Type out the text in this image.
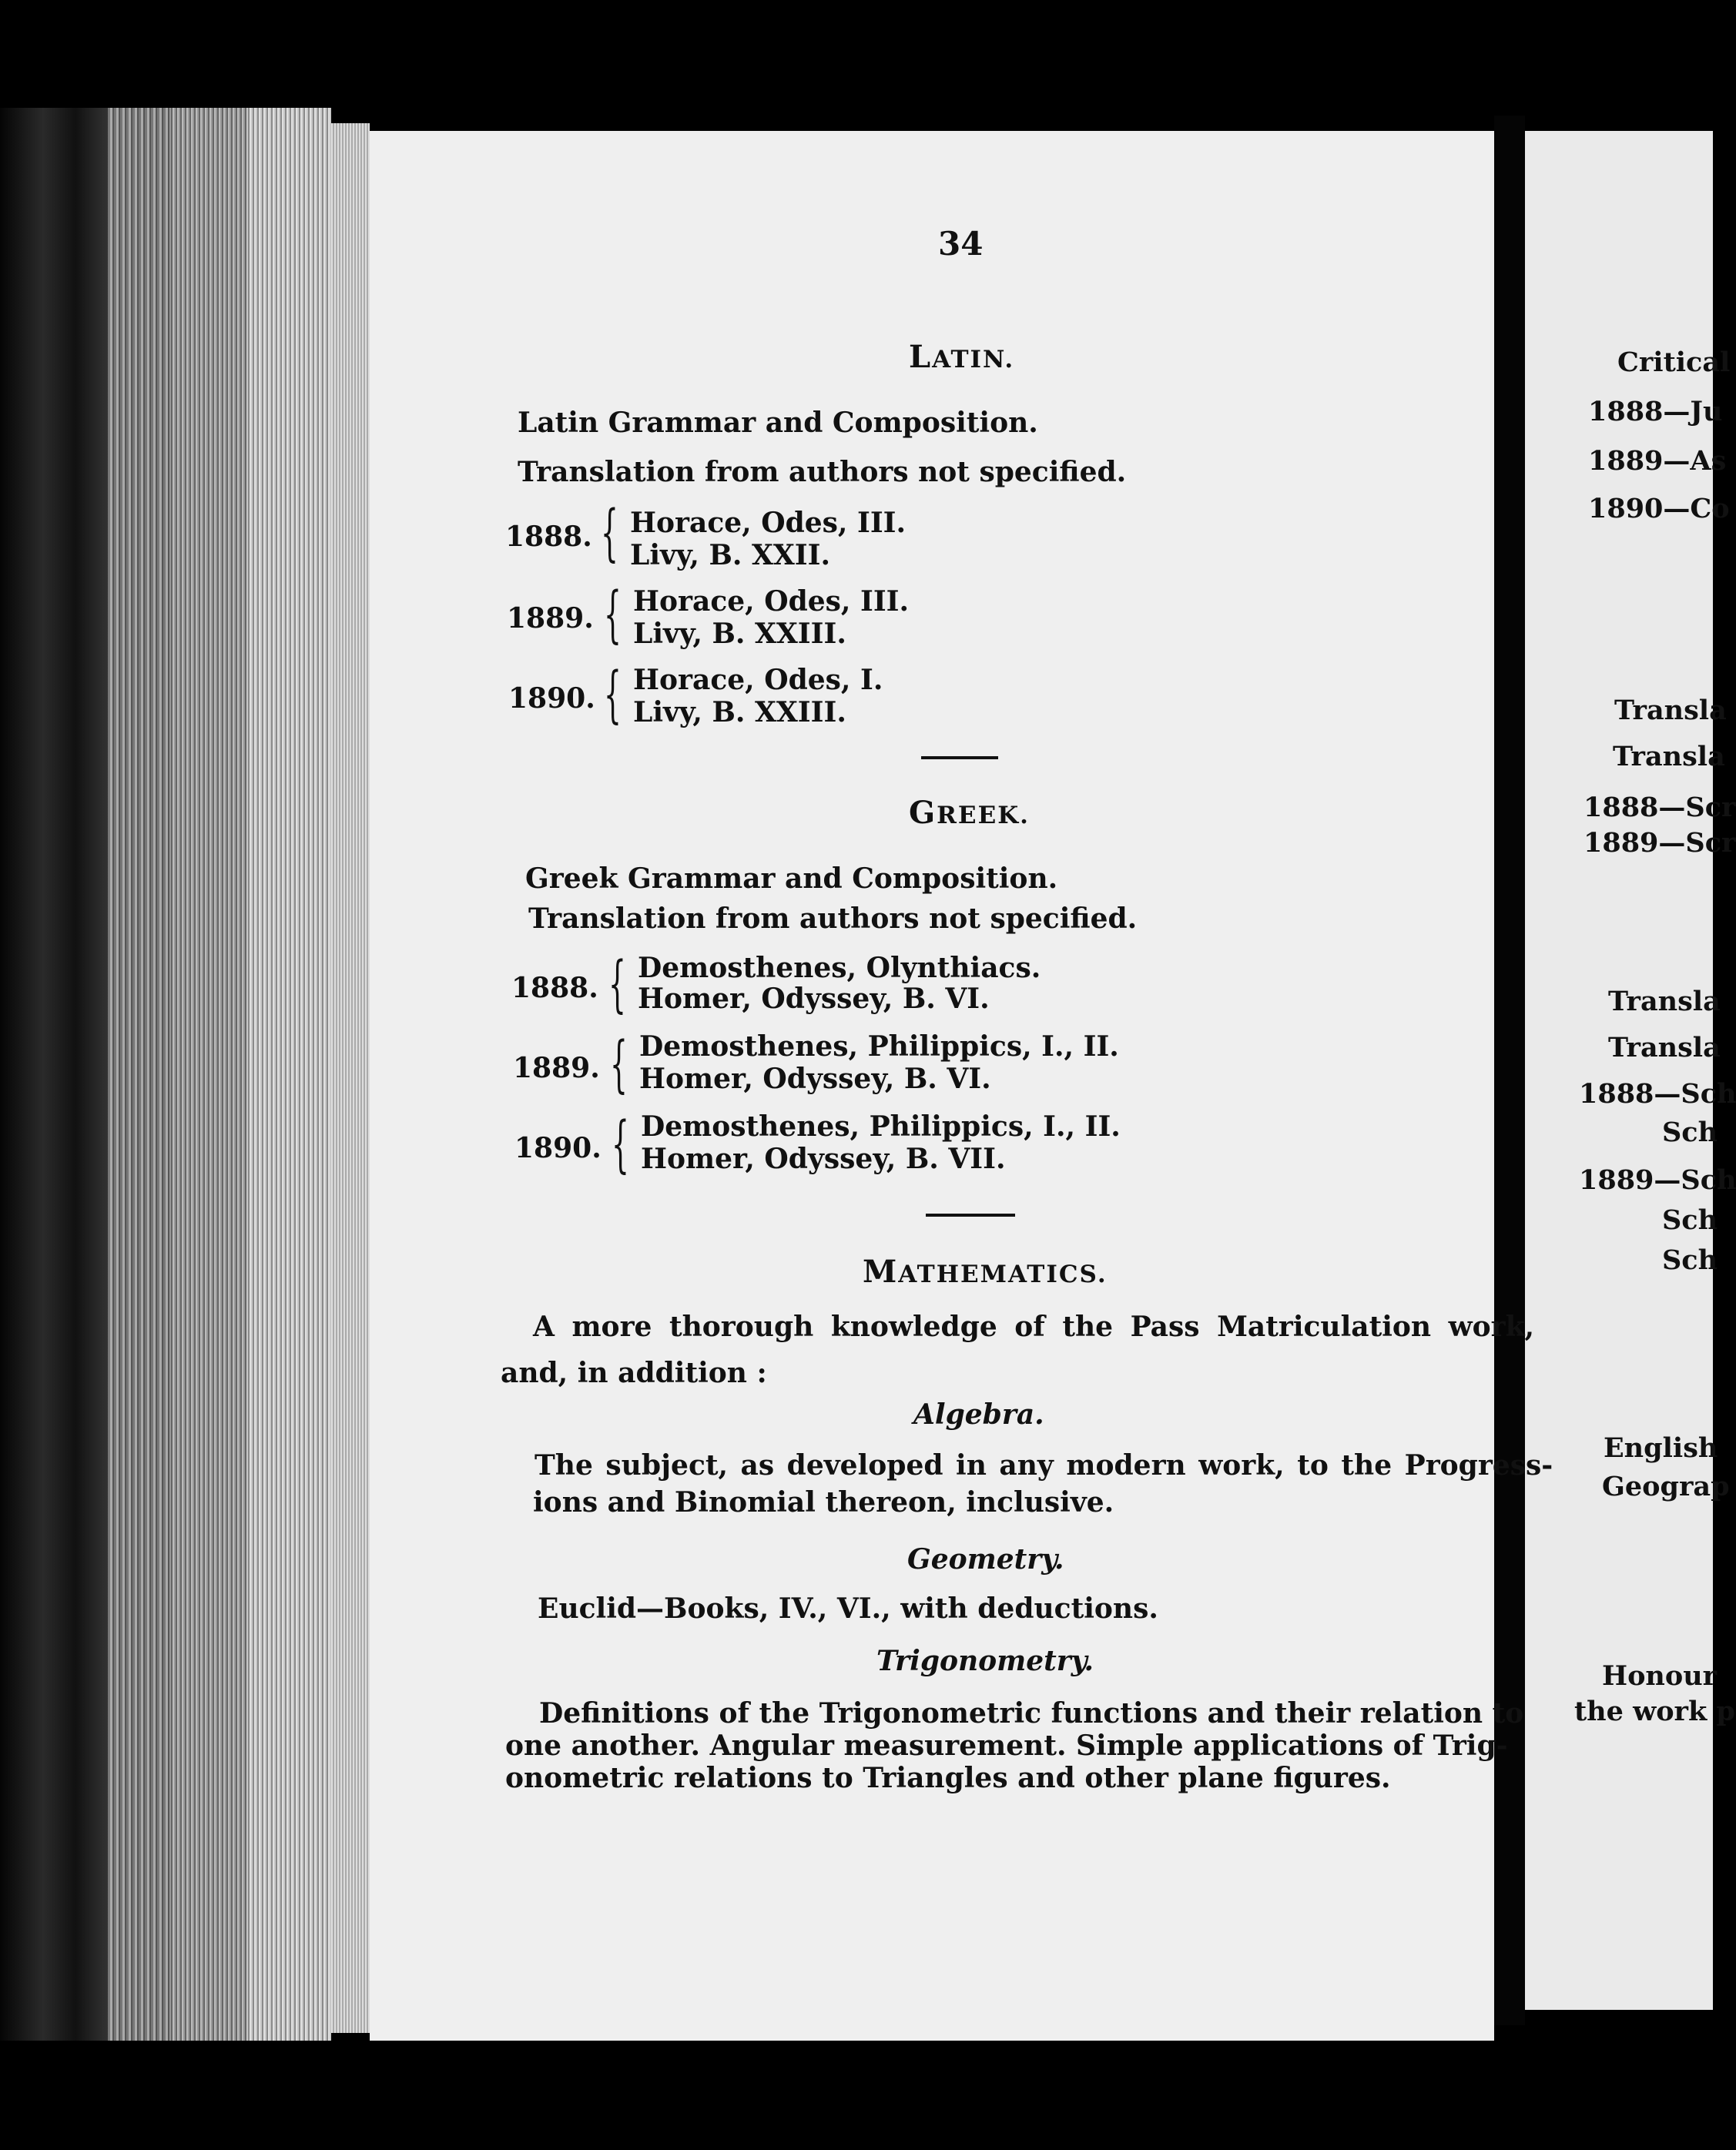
34
LATIN.
Latin Grammar and Composition.
Translation from authors not specified.
1888. { Horace, Odes, III.
Livy, B. XXII.
1889. { Horace, Odes, III.
Livy, B. XXIII.
1890. { Horace, Odes, I.
Livy, B. XXIII.
GREEK.
Greek Grammar and Composition.
Translation from authors not specified.
1888. { Demosthenes, Olynthiacs.
Homer, Odyssey, B. VI.
1889. { Demosthenes, Philippics, I., II.
Homer, Odyssey, B. VI.
1890. { Demosthenes, Philippics, I., II.
Homer, Odyssey, B. VII.
MATHEMATICS.
A more thorough knowledge of the Pass Matriculation work,
and, in addition :
Algebra.
The subject, as developed in any modern work, to the Progress-
ions and Binomial thereon, inclusive.
Geometry.
Euclid—Books, IV., VI., with deductions.
Trigonometry.
Definitions of the Trigonometric functions and their relation to
one another. Angular measurement. Simple applications of Trig-
onometric relations to Triangles and other plane figures.
Critical
1888—Ju
1889—As
1890—Co
Transla
Transla
1888—Scr
1889—Scr
Transla
Transla
1888—Sch
Sch
1889—Sch
Sch
Sch
English
Geograp
Honour
the work p
